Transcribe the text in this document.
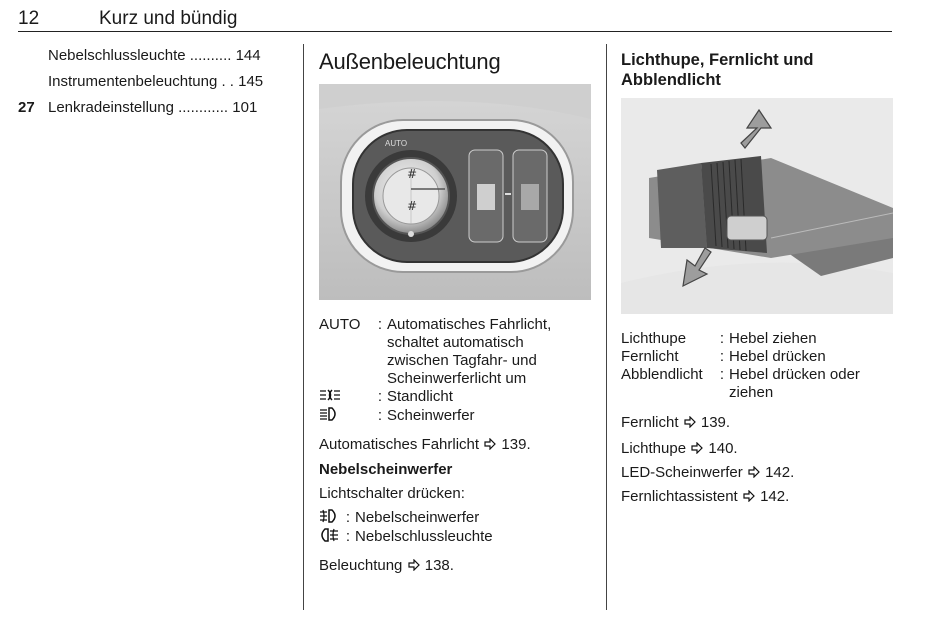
12	Kurz und bündig
Nebelschlussleuchte .......... 144
Instrumentenbeleuchtung . . 145
27 Lenkradeinstellung ............ 101
Außenbeleuchtung
#
#
AUTO
AUTO	: Automatisches Fahrlicht,
schaltet automatisch
zwischen Tagfahr- und
Scheinwerferlicht um
: Standlicht
: Scheinwerfer
Automatisches Fahrlicht 139.
Nebelscheinwerfer
Lichtschalter drücken:
: Nebelscheinwerfer
: Nebelschlussleuchte
Beleuchtung 138.
Lichthupe, Fernlicht und
Abblendlicht
Lichthupe	: Hebel ziehen
Fernlicht	: Hebel drücken
Abblendlicht	: Hebel drücken oder
ziehen
Fernlicht 139.
Lichthupe 140.
LED-Scheinwerfer 142.
Fernlichtassistent 142.
